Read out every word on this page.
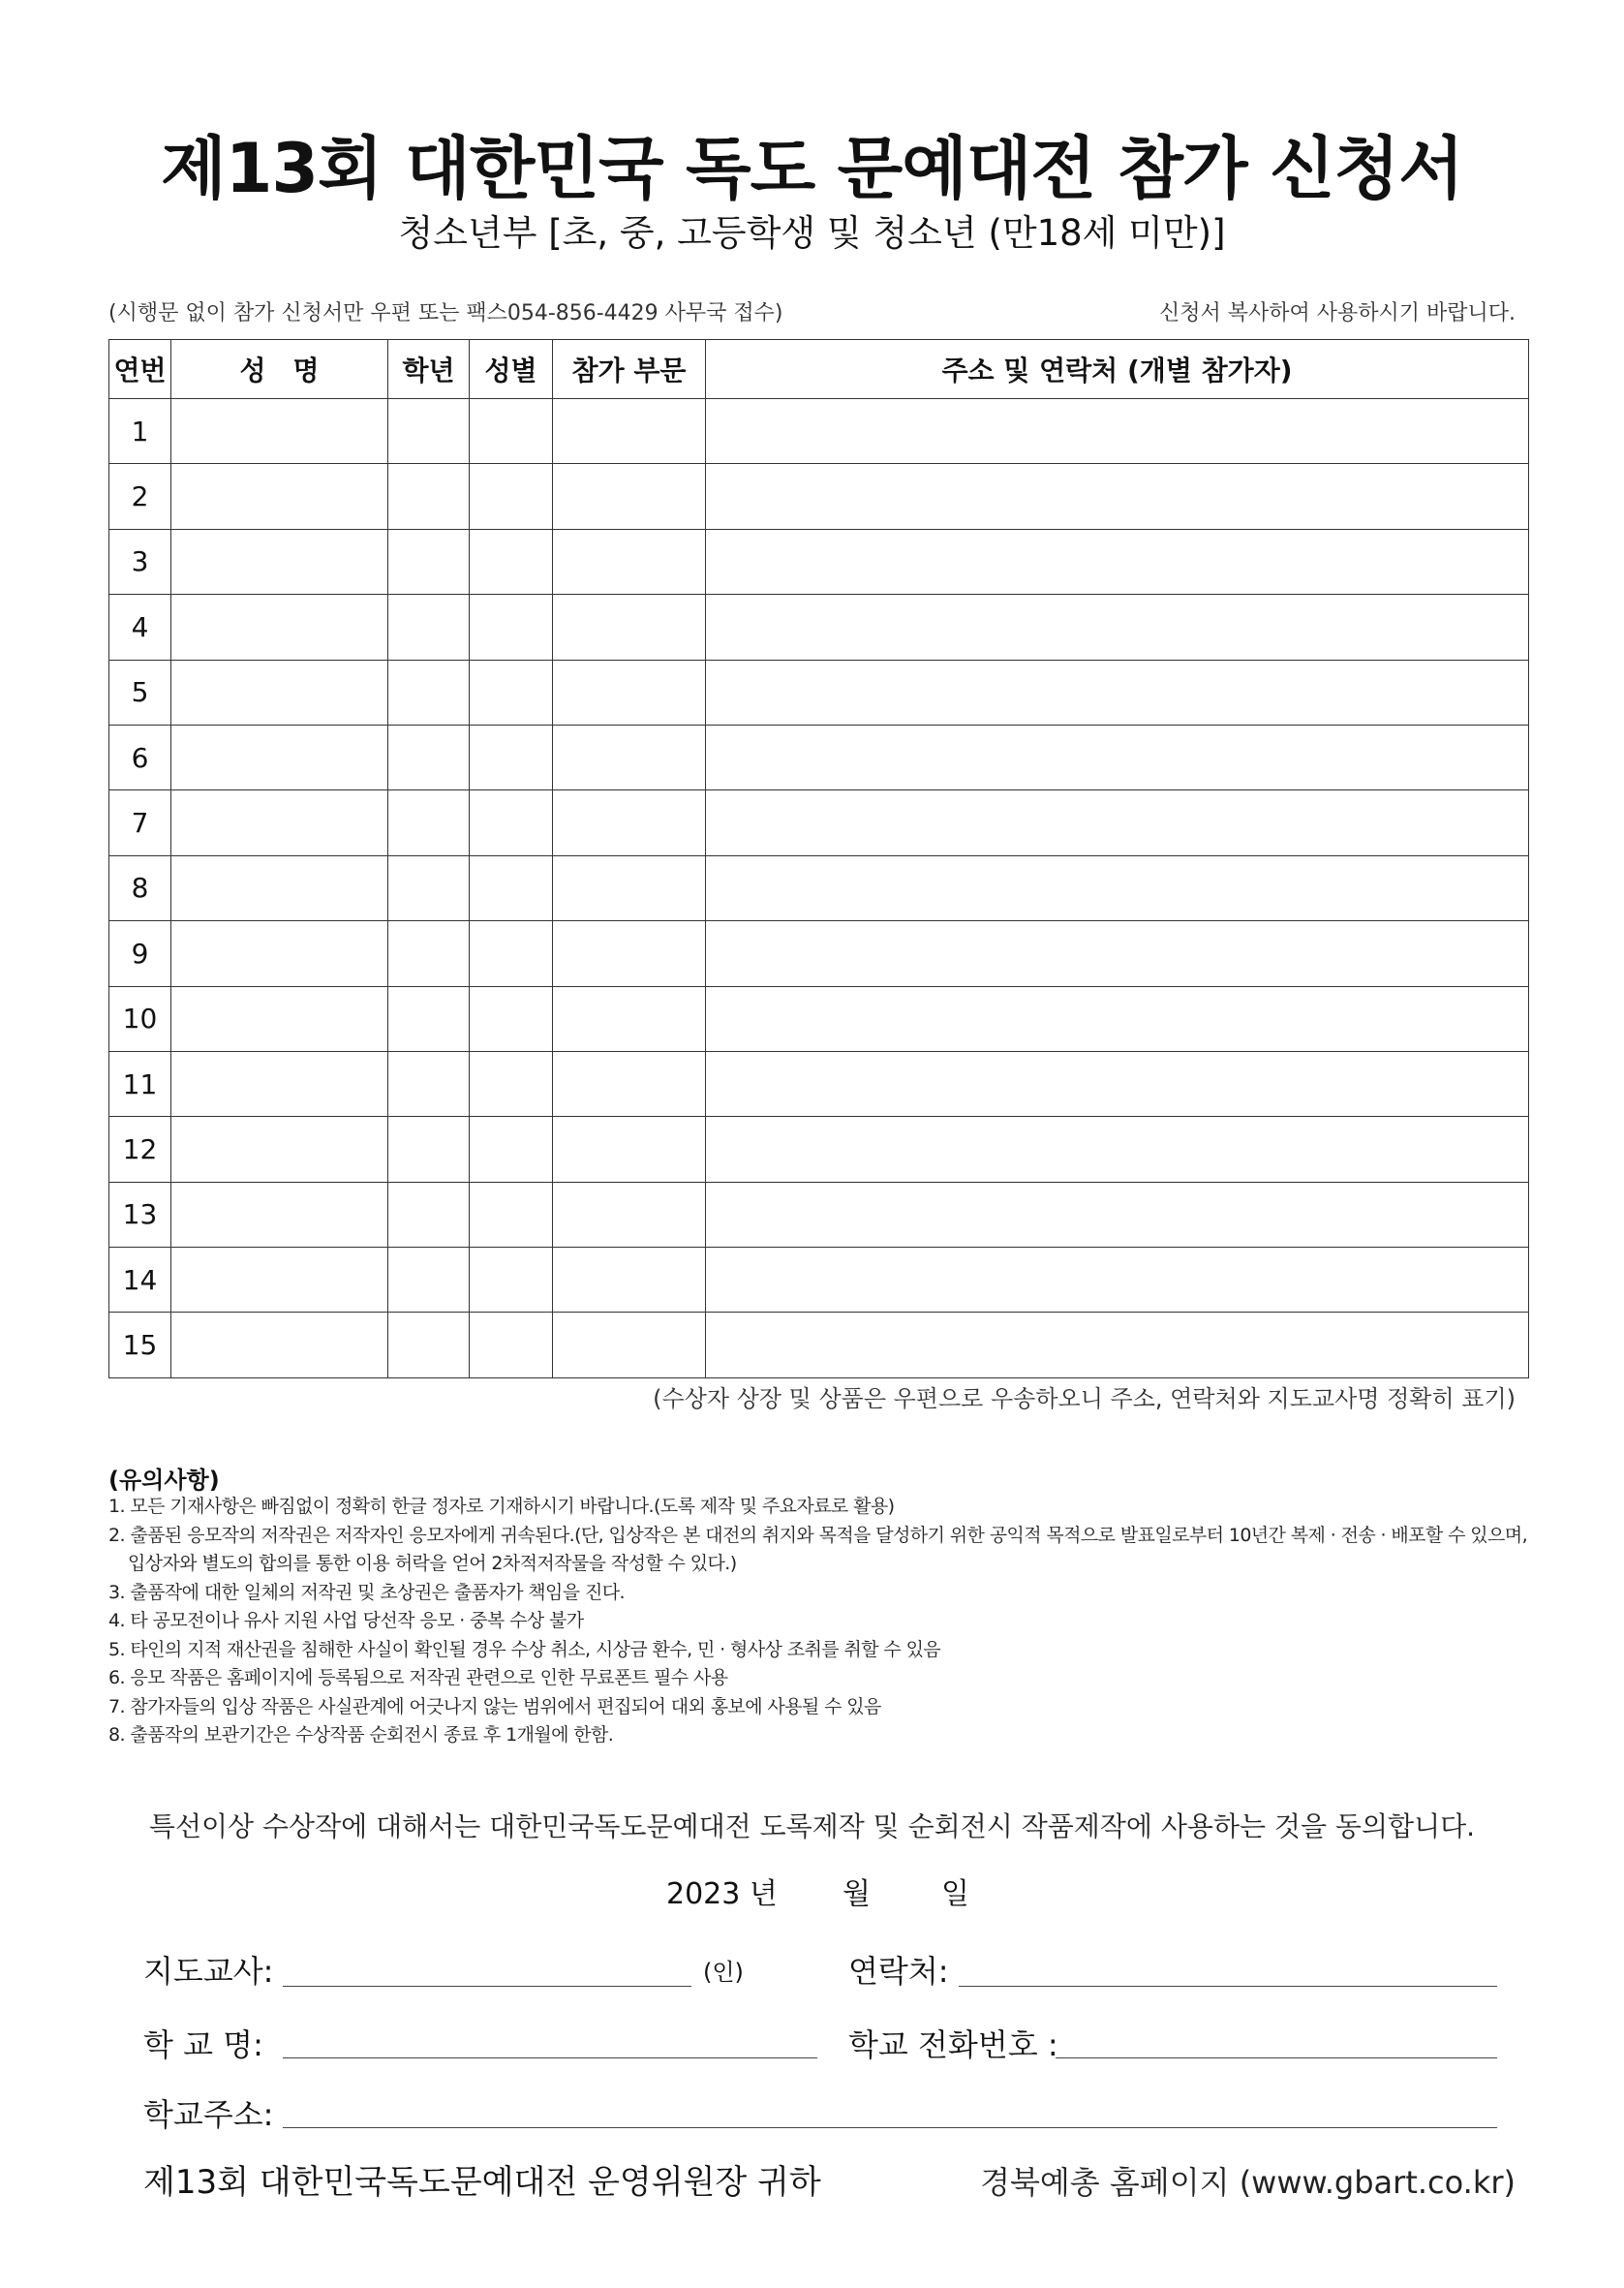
제13회 대한민국 독도 문예대전 참가 신청서
청소년부 [초, 중, 고등학생 및 청소년 (만18세 미만)]
(시행문 없이 참가 신청서만 우편 또는 팩스054-856-4429 사무국 접수)	신청서 복사하여 사용하시기 바랍니다.
연번	성　명	학년	성별	참가 부문	주소 및 연락처 (개별 참가자)
1					
2					
3					
4					
5					
6					
7					
8					
9					
10					
11					
12					
13					
14					
15					
(수상자 상장 및 상품은 우편으로 우송하오니 주소, 연락처와 지도교사명 정확히 표기)
(유의사항)
1. 모든 기재사항은 빠짐없이 정확히 한글 정자로 기재하시기 바랍니다.(도록 제작 및 주요자료로 활용)
2. 출품된 응모작의 저작권은 저작자인 응모자에게 귀속된다.(단, 입상작은 본 대전의 취지와 목적을 달성하기 위한 공익적 목적으로 발표일로부터 10년간 복제 · 전송 · 배포할 수 있으며,
입상자와 별도의 합의를 통한 이용 허락을 얻어 2차적저작물을 작성할 수 있다.)
3. 출품작에 대한 일체의 저작권 및 초상권은 출품자가 책임을 진다.
4. 타 공모전이나 유사 지원 사업 당선작 응모 · 중복 수상 불가
5. 타인의 지적 재산권을 침해한 사실이 확인될 경우 수상 취소, 시상금 환수, 민 · 형사상 조취를 취할 수 있음
6. 응모 작품은 홈페이지에 등록됨으로 저작권 관련으로 인한 무료폰트 필수 사용
7. 참가자들의 입상 작품은 사실관계에 어긋나지 않는 범위에서 편집되어 대외 홍보에 사용될 수 있음
8. 출품작의 보관기간은 수상작품 순회전시 종료 후 1개월에 한함.
특선이상 수상작에 대해서는 대한민국독도문예대전 도록제작 및 순회전시 작품제작에 사용하는 것을 동의합니다.
2023 년 월 일
지도교사:	(인)	연락처:
학 교 명:	학교 전화번호 :
학교주소:
제13회 대한민국독도문예대전 운영위원장 귀하	경북예총 홈페이지 (www.gbart.co.kr)
